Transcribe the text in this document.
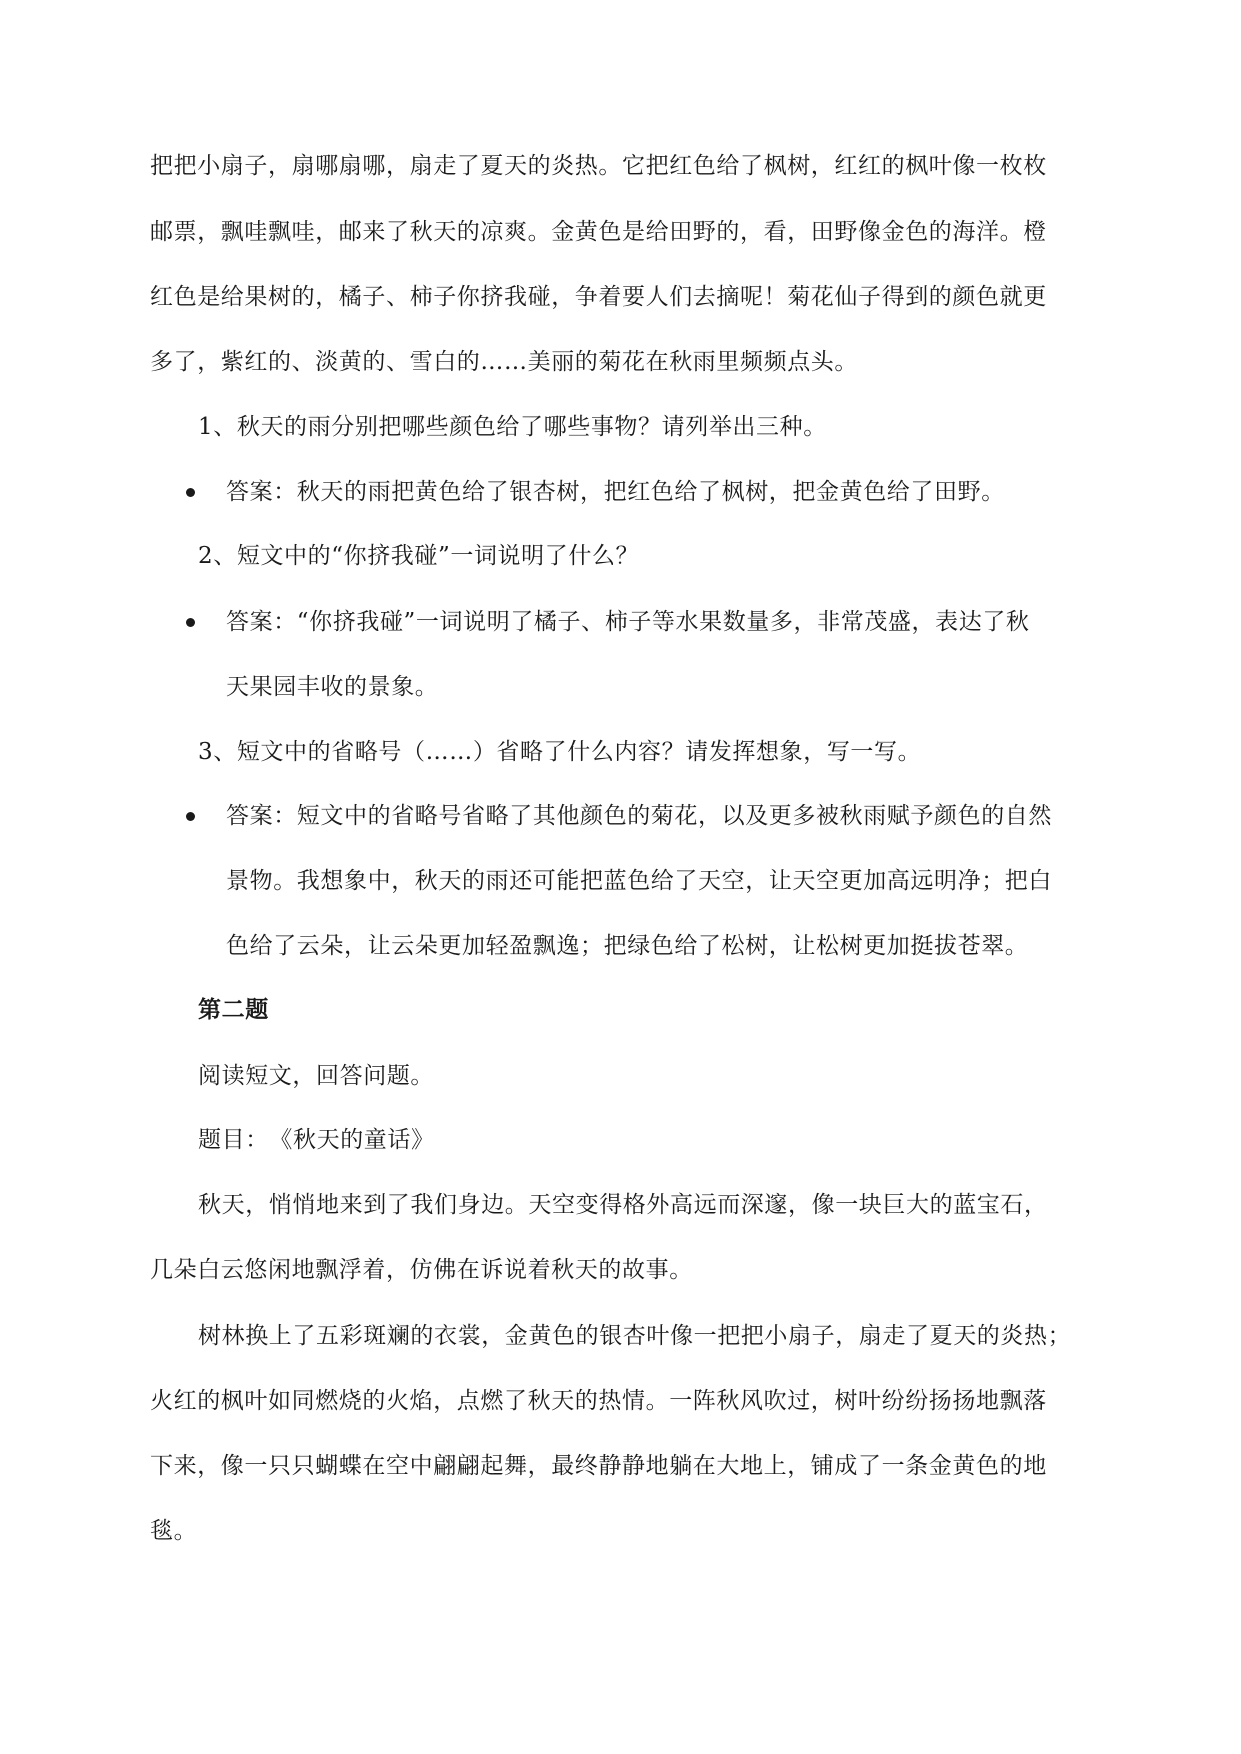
把把小扇子，扇哪扇哪，扇走了夏天的炎热。它把红色给了枫树，红红的枫叶像一枚枚
邮票，飘哇飘哇，邮来了秋天的凉爽。金黄色是给田野的，看，田野像金色的海洋。橙
红色是给果树的，橘子、柿子你挤我碰，争着要人们去摘呢！菊花仙子得到的颜色就更
多了，紫红的、淡黄的、雪白的……美丽的菊花在秋雨里频频点头。
1、秋天的雨分别把哪些颜色给了哪些事物？请列举出三种。
答案：秋天的雨把黄色给了银杏树，把红色给了枫树，把金黄色给了田野。
2、短文中的“你挤我碰”一词说明了什么？
答案：“你挤我碰”一词说明了橘子、柿子等水果数量多，非常茂盛，表达了秋
天果园丰收的景象。
3、短文中的省略号（……）省略了什么内容？请发挥想象，写一写。
答案：短文中的省略号省略了其他颜色的菊花，以及更多被秋雨赋予颜色的自然
景物。我想象中，秋天的雨还可能把蓝色给了天空，让天空更加高远明净；把白
色给了云朵，让云朵更加轻盈飘逸；把绿色给了松树，让松树更加挺拔苍翠。
第二题
阅读短文，回答问题。
题目：　《秋天的童话》
秋天，悄悄地来到了我们身边。天空变得格外高远而深邃，像一块巨大的蓝宝石，
几朵白云悠闲地飘浮着，仿佛在诉说着秋天的故事。
树林换上了五彩斑斓的衣裳，金黄色的银杏叶像一把把小扇子，扇走了夏天的炎热；
火红的枫叶如同燃烧的火焰，点燃了秋天的热情。一阵秋风吹过，树叶纷纷扬扬地飘落
下来，像一只只蝴蝶在空中翩翩起舞，最终静静地躺在大地上，铺成了一条金黄色的地
毯。
